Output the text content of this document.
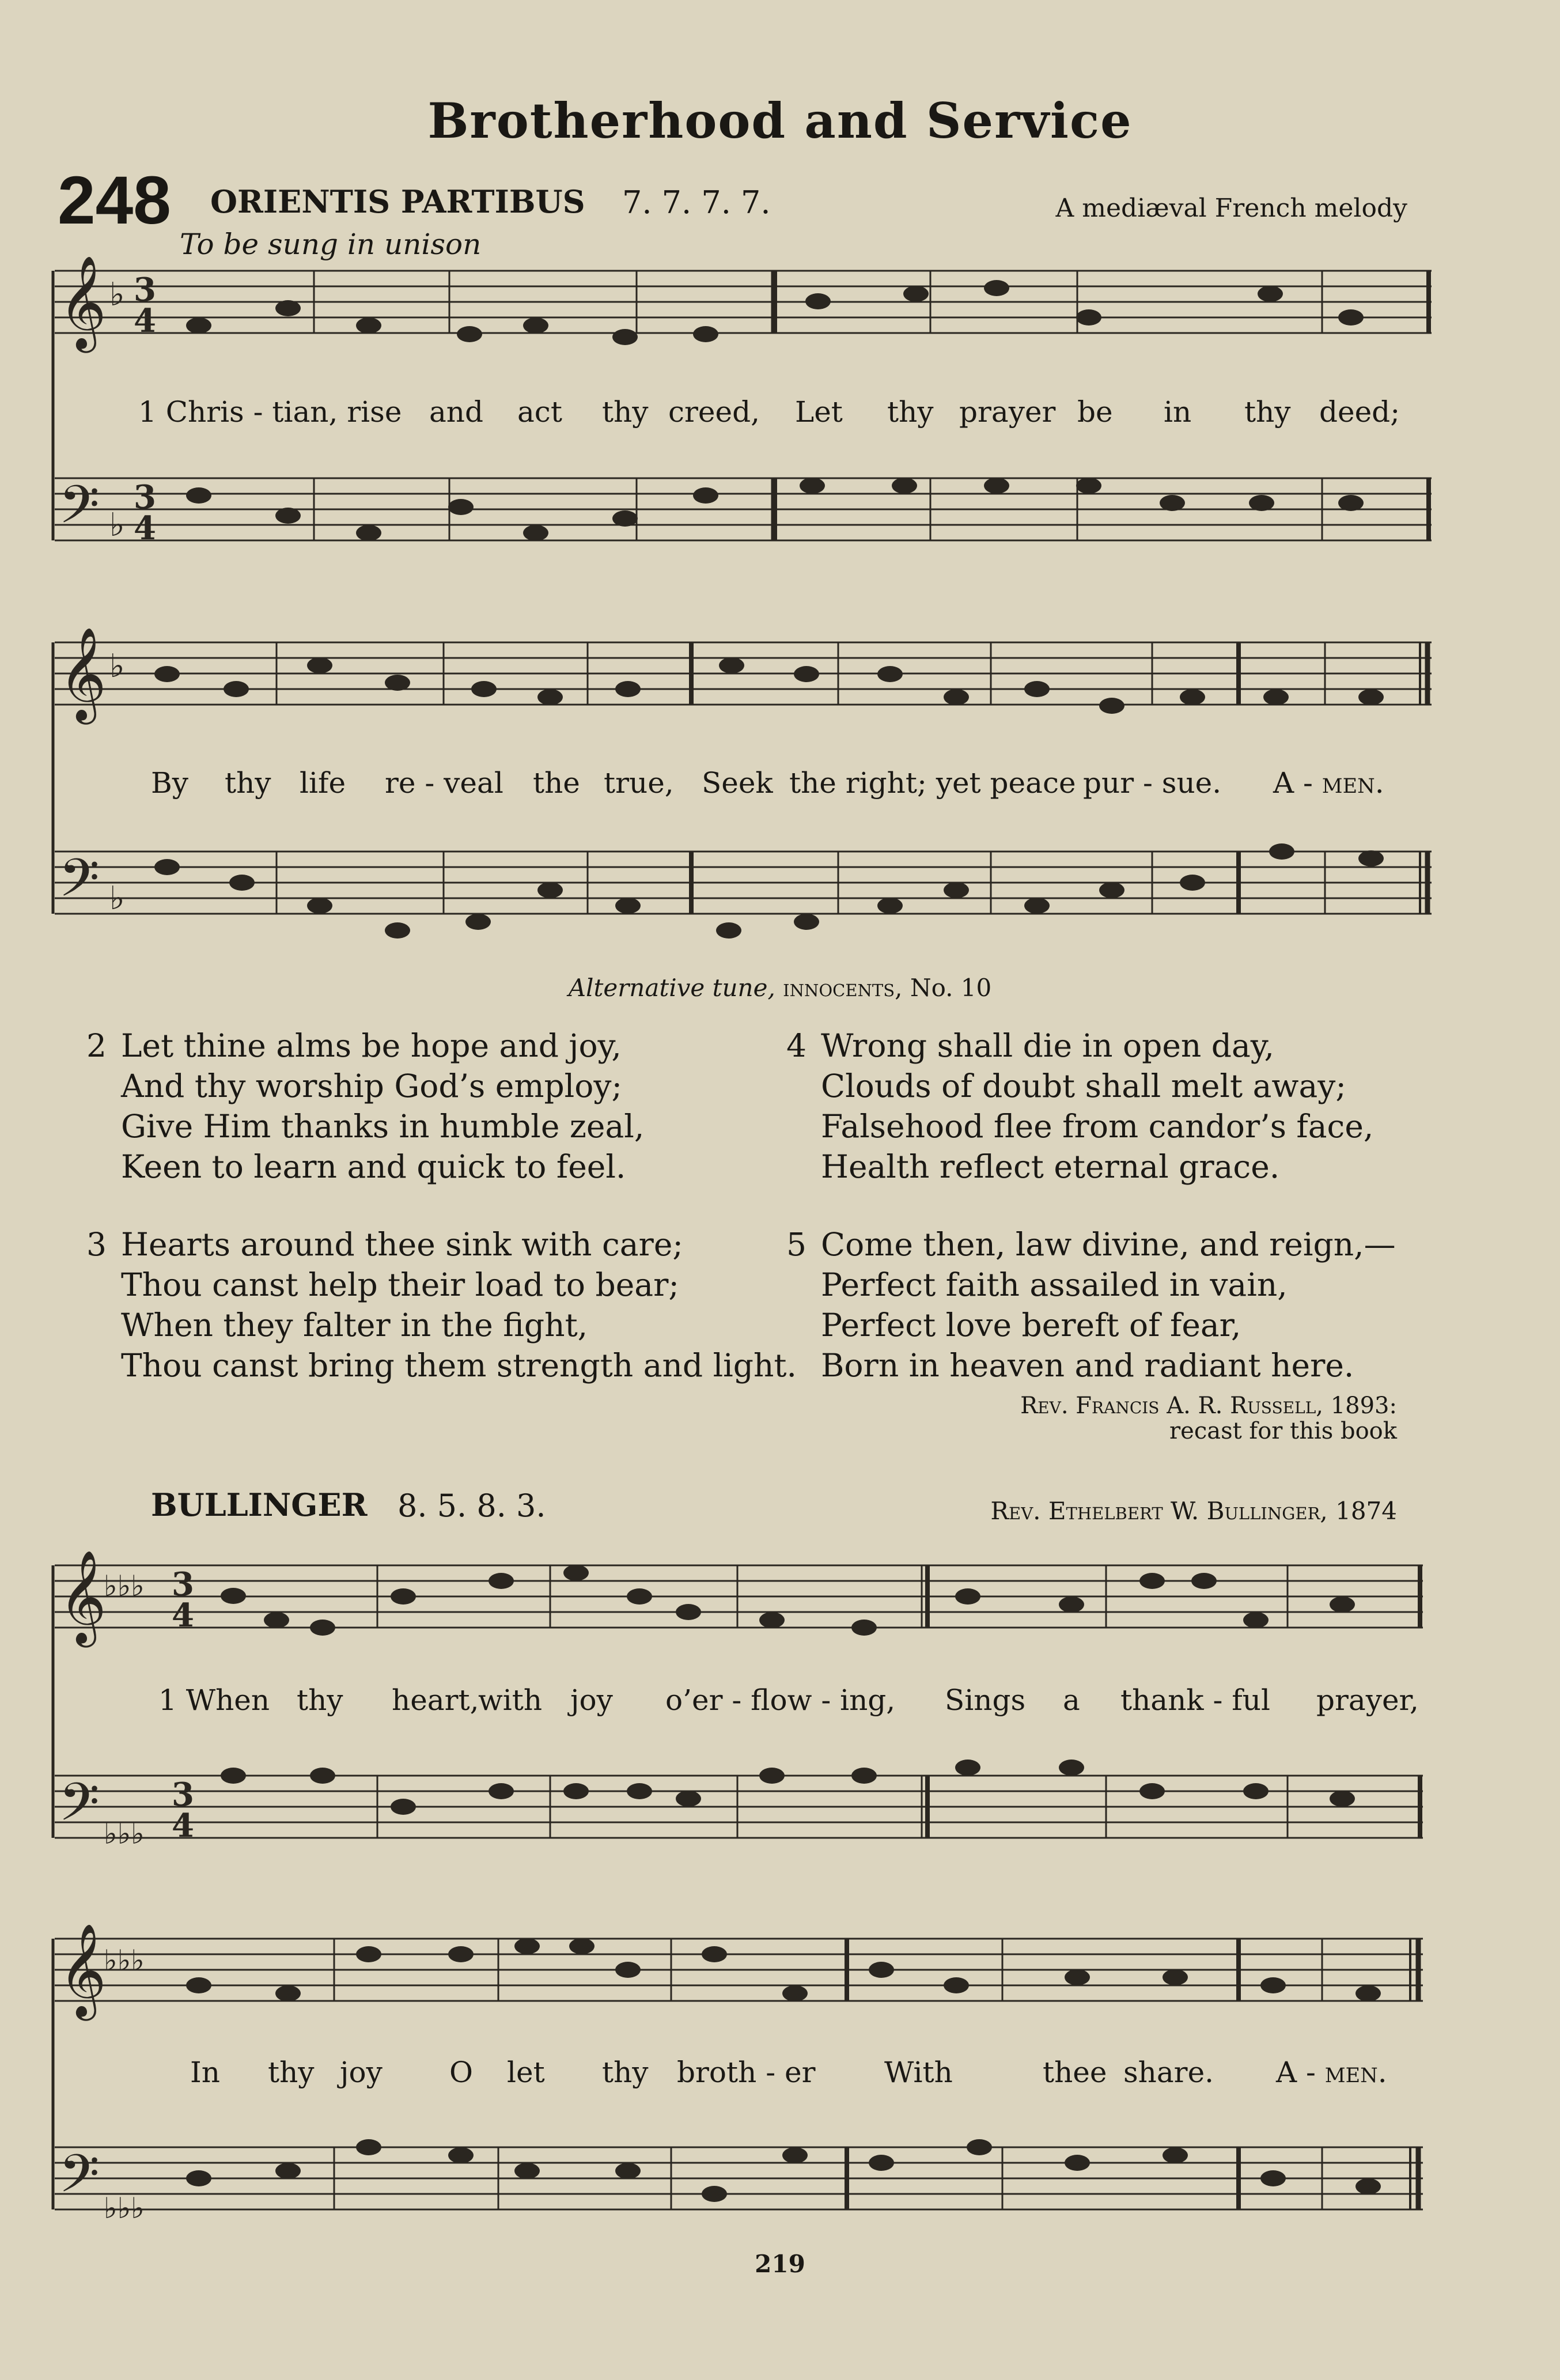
Brotherhood and Service
248 ORIENTIS PARTIBUS 7. 7. 7. 7.	A mediæval French melody
To be sung in unison
𝄞
𝄢
𝄞
𝄢
𝄞
𝄢
𝄞
𝄢
♭
♭
♭
♭
♭♭♭
♭♭♭
♭♭♭
♭♭♭
3
4
3
4
3
4
3
4
1 Chris - tian, rise and act thy creed, Let thy prayer be in thy deed;
By thy life re - veal the true, Seek the right; yet peace pur - sue. A - men.
Alternative tune, innocents, No. 10
2 Let thine alms be hope and joy,
And thy worship God’s employ;
Give Him thanks in humble zeal,
Keen to learn and quick to feel.
3 Hearts around thee sink with care;
Thou canst help their load to bear;
When they falter in the fight,
Thou canst bring them strength and light.
4 Wrong shall die in open day,
Clouds of doubt shall melt away;
Falsehood flee from candor’s face,
Health reflect eternal grace.
5 Come then, law divine, and reign,—
Perfect faith assailed in vain,
Perfect love bereft of fear,
Born in heaven and radiant here.
Rev. Francis A. R. Russell, 1893:
recast for this book
BULLINGER 8. 5. 8. 3.	Rev. Ethelbert W. Bullinger, 1874
1 When thy heart,
with joy o’er - flow - ing, Sings a thank - ful prayer,
In thy joy O let thy broth - er With	thee share. A - men.
219
